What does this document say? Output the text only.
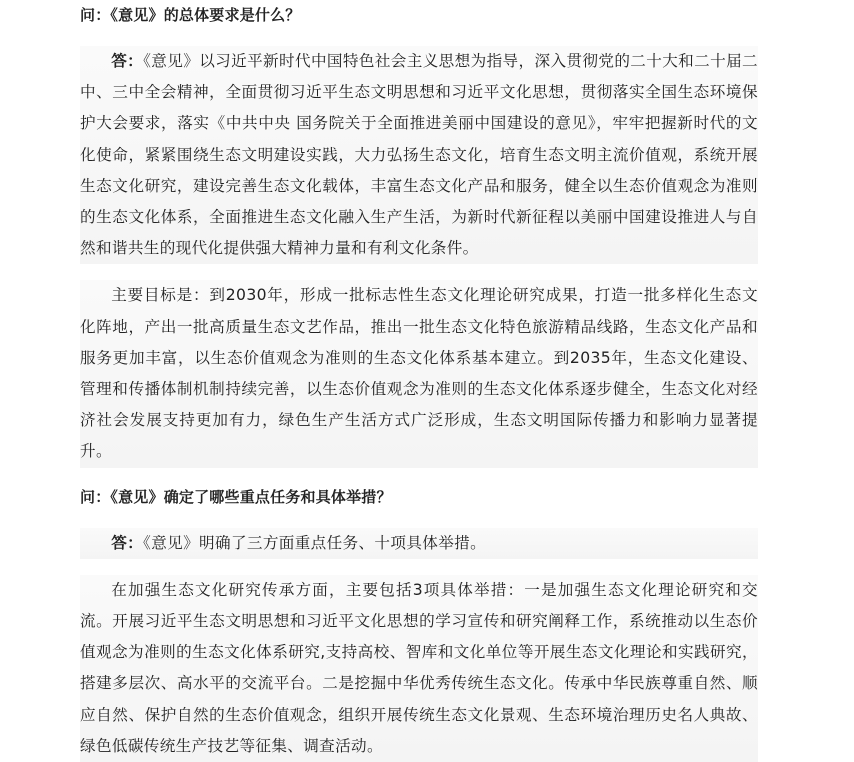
问：《意见》的总体要求是什么？

答：《意见》以习近平新时代中国特色社会主义思想为指导，深入贯彻党的二十大和二十届二中、三中全会精神，全面贯彻习近平生态文明思想和习近平文化思想，贯彻落实全国生态环境保护大会要求，落实《中共中央 国务院关于全面推进美丽中国建设的意见》，牢牢把握新时代的文化使命，紧紧围绕生态文明建设实践，大力弘扬生态文化，培育生态文明主流价值观，系统开展生态文化研究，建设完善生态文化载体，丰富生态文化产品和服务，健全以生态价值观念为准则的生态文化体系，全面推进生态文化融入生产生活，为新时代新征程以美丽中国建设推进人与自然和谐共生的现代化提供强大精神力量和有利文化条件。

主要目标是：到2030年，形成一批标志性生态文化理论研究成果，打造一批多样化生态文化阵地，产出一批高质量生态文艺作品，推出一批生态文化特色旅游精品线路，生态文化产品和服务更加丰富，以生态价值观念为准则的生态文化体系基本建立。到2035年，生态文化建设、管理和传播体制机制持续完善，以生态价值观念为准则的生态文化体系逐步健全，生态文化对经济社会发展支持更加有力，绿色生产生活方式广泛形成，生态文明国际传播力和影响力显著提升。

问：《意见》确定了哪些重点任务和具体举措？

答：《意见》明确了三方面重点任务、十项具体举措。

在加强生态文化研究传承方面，主要包括3项具体举措：一是加强生态文化理论研究和交流。开展习近平生态文明思想和习近平文化思想的学习宣传和研究阐释工作，系统推动以生态价值观念为准则的生态文化体系研究,支持高校、智库和文化单位等开展生态文化理论和实践研究，搭建多层次、高水平的交流平台。二是挖掘中华优秀传统生态文化。传承中华民族尊重自然、顺应自然、保护自然的生态价值观念，组织开展传统生态文化景观、生态环境治理历史名人典故、绿色低碳传统生产技艺等征集、调查活动。
